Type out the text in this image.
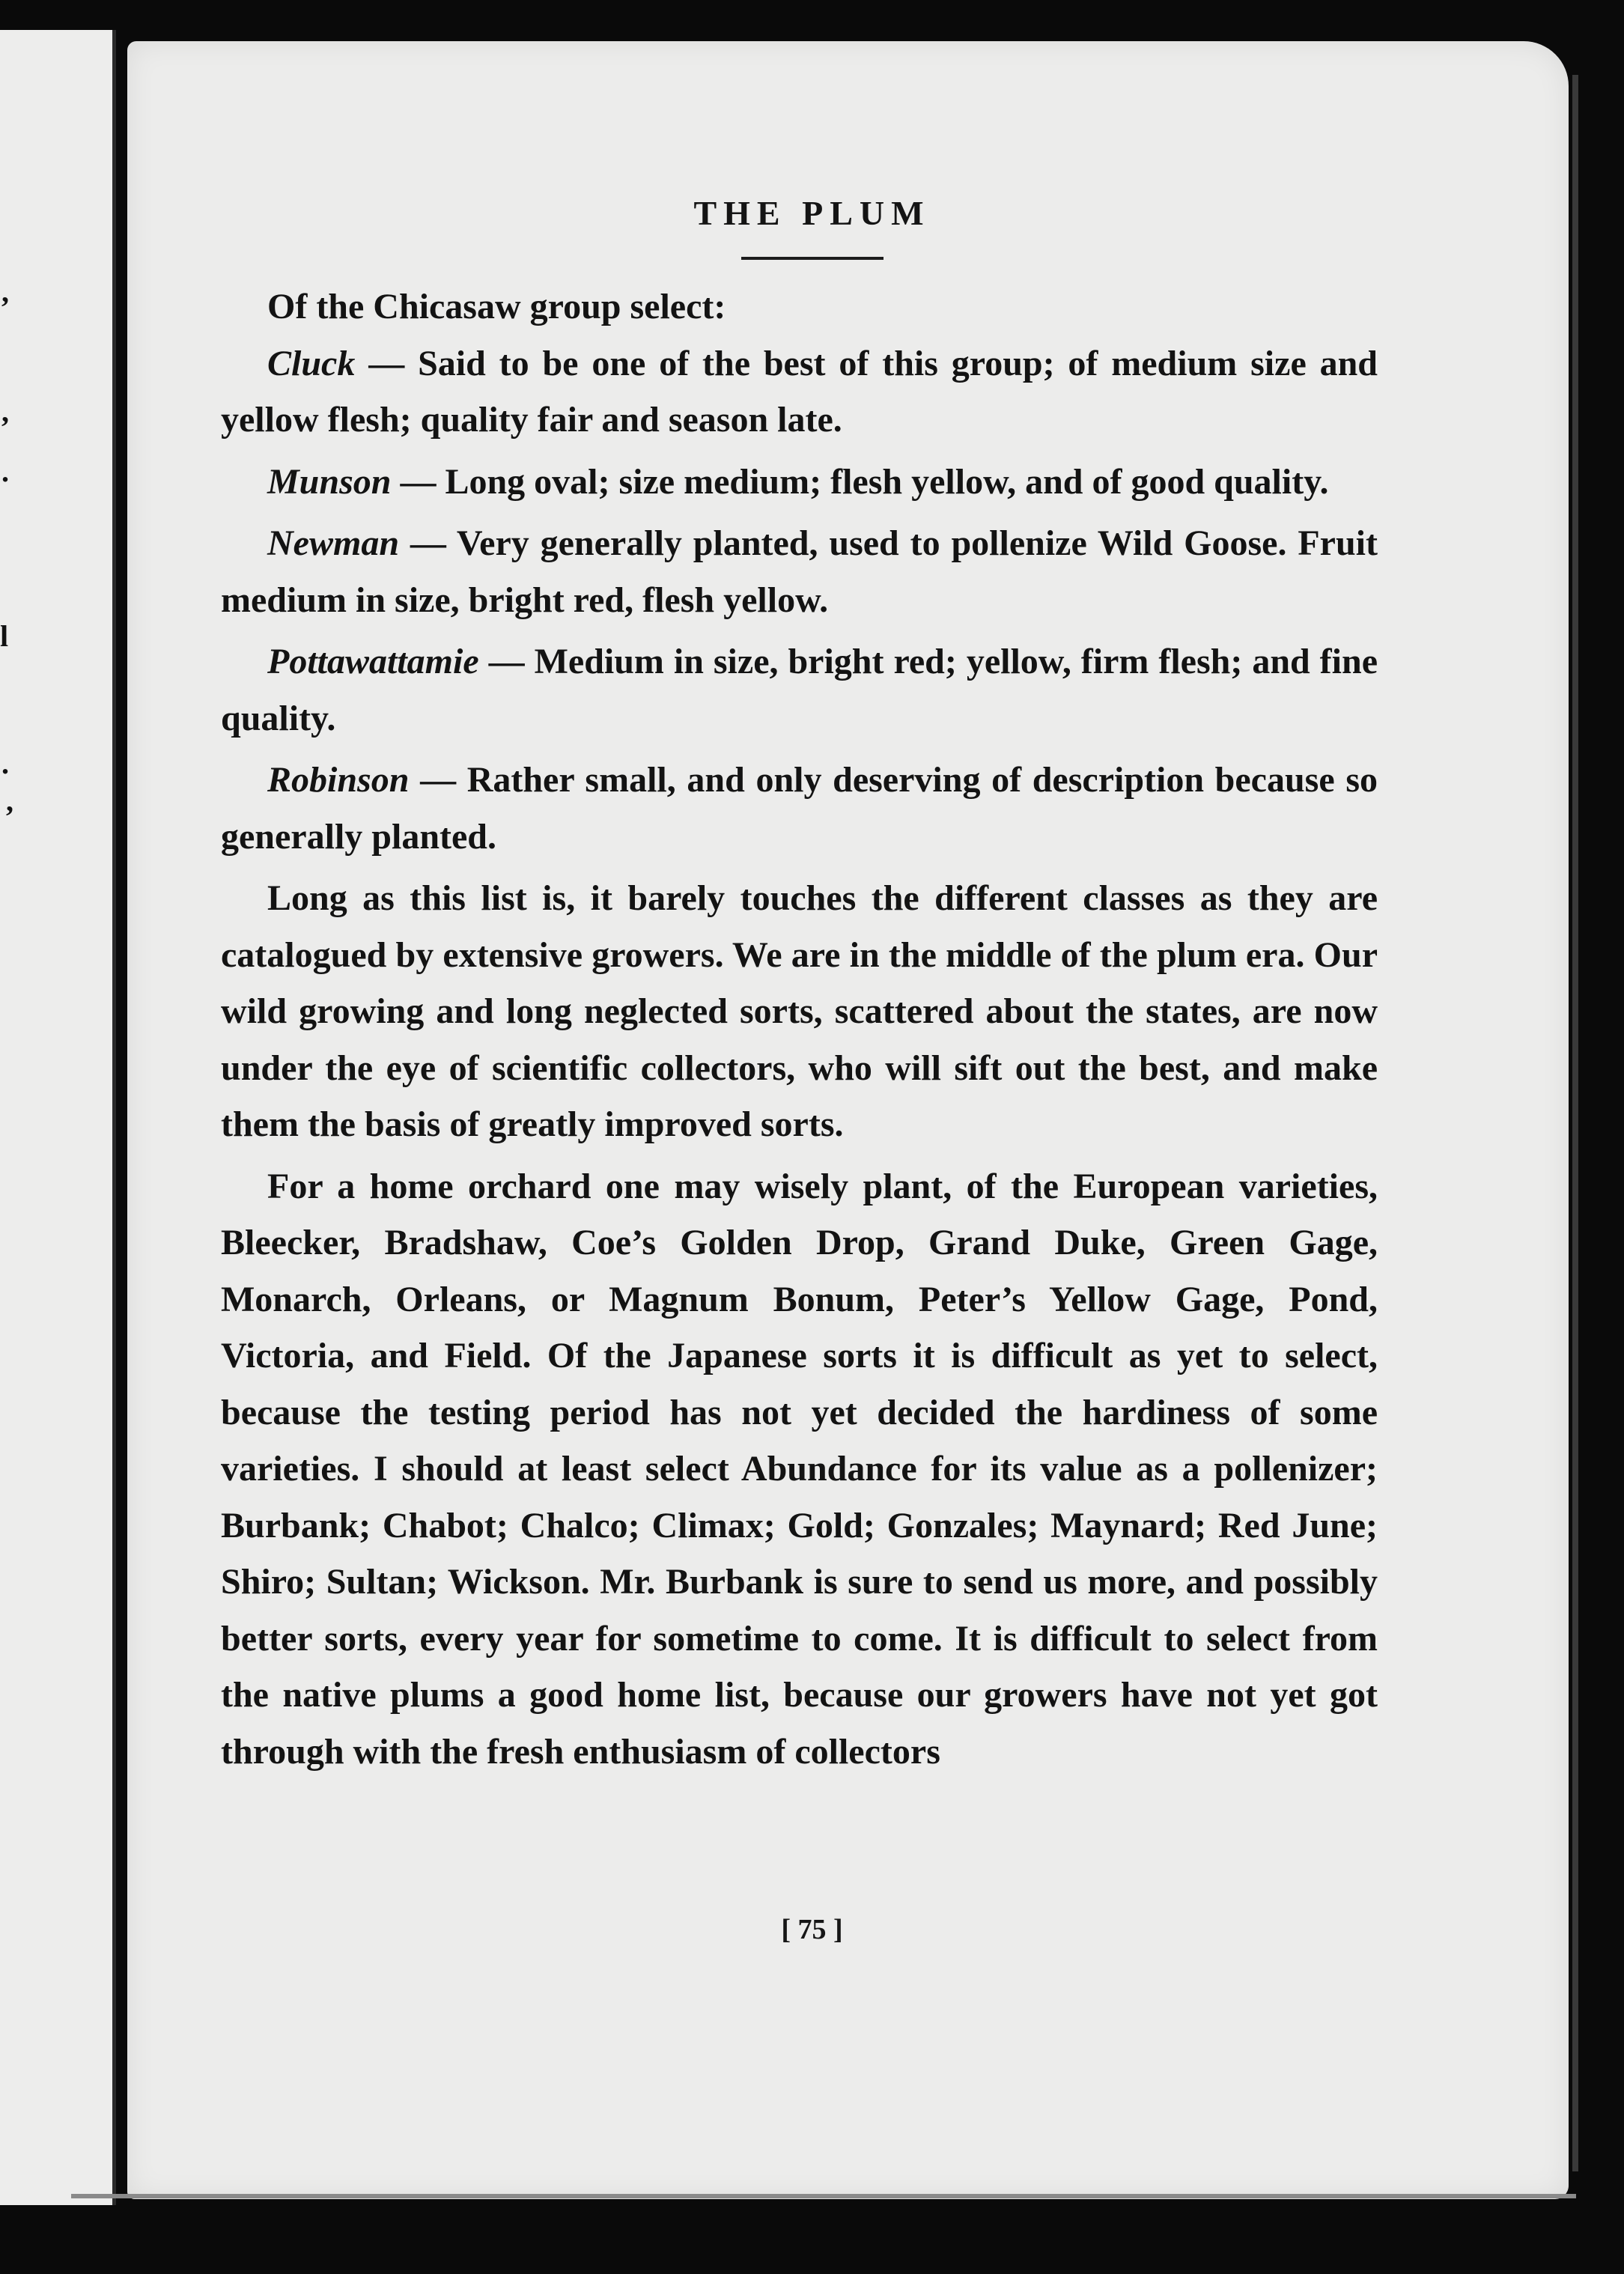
,
,
.
l
.
,
THE PLUM

Of the Chicasaw group select:

Cluck — Said to be one of the best of this group; of medium size and yellow flesh; quality fair and season late.

Munson — Long oval; size medium; flesh yellow, and of good quality.

Newman — Very generally planted, used to pollenize Wild Goose. Fruit medium in size, bright red, flesh yellow.

Pottawattamie — Medium in size, bright red; yellow, firm flesh; and fine quality.

Robinson — Rather small, and only deserving of description because so generally planted.

Long as this list is, it barely touches the different classes as they are catalogued by extensive growers. We are in the middle of the plum era. Our wild growing and long neglected sorts, scattered about the states, are now under the eye of scientific collectors, who will sift out the best, and make them the basis of greatly improved sorts.

For a home orchard one may wisely plant, of the European varieties, Bleecker, Bradshaw, Coe’s Golden Drop, Grand Duke, Green Gage, Monarch, Orleans, or Magnum Bonum, Peter’s Yellow Gage, Pond, Victoria, and Field. Of the Japanese sorts it is difficult as yet to select, because the testing period has not yet decided the hardiness of some varieties. I should at least select Abundance for its value as a pollenizer; Burbank; Chabot; Chalco; Climax; Gold; Gonzales; Maynard; Red June; Shiro; Sultan; Wickson. Mr. Burbank is sure to send us more, and possibly better sorts, every year for sometime to come. It is difficult to select from the native plums a good home list, because our growers have not yet got through with the fresh enthusiasm of collectors

[ 75 ]
